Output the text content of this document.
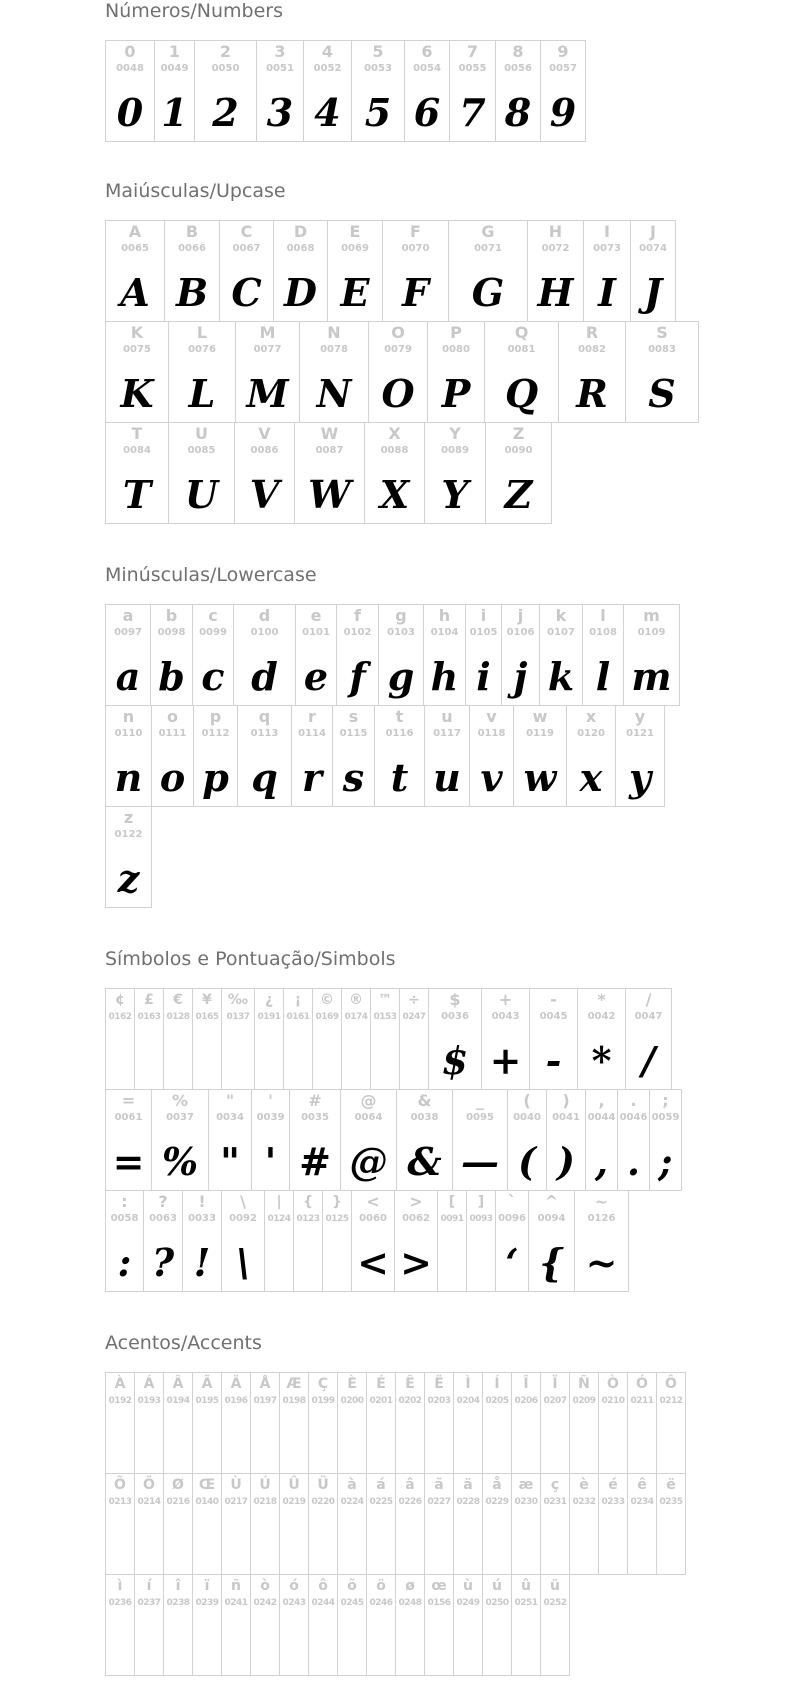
Números/Numbers
0
0048
0
1
0049
1
2
0050
2
3
0051
3
4
0052
4
5
0053
5
6
0054
6
7
0055
7
8
0056
8
9
0057
9
Maiúsculas/Upcase
A
0065
A
B
0066
B
C
0067
C
D
0068
D
E
0069
E
F
0070
F
G
0071
G
H
0072
H
I
0073
I
J
0074
J
K
0075
K
L
0076
L
M
0077
M
N
0078
N
O
0079
O
P
0080
P
Q
0081
Q
R
0082
R
S
0083
S
T
0084
T
U
0085
U
V
0086
V
W
0087
W
X
0088
X
Y
0089
Y
Z
0090
Z
Minúsculas/Lowercase
a
0097
a
b
0098
b
c
0099
c
d
0100
d
e
0101
e
f
0102
f
g
0103
g
h
0104
h
i
0105
i
j
0106
j
k
0107
k
l
0108
l
m
0109
m
n
0110
n
o
0111
o
p
0112
p
q
0113
q
r
0114
r
s
0115
s
t
0116
t
u
0117
u
v
0118
v
w
0119
w
x
0120
x
y
0121
y
z
0122
z
Símbolos e Pontuação/Simbols
¢
0162
£
0163
€
0128
¥
0165
‰
0137
¿
0191
¡
0161
©
0169
®
0174
™
0153
÷
0247
$
0036
$
+
0043
+
-
0045
-
*
0042
*
/
0047
/
=
0061
=
%
0037
%
"
0034
"
'
0039
'
#
0035
#
@
0064
@
&
0038
&
_
0095
—
(
0040
(
)
0041
)
,
0044
,
.
0046
.
;
0059
;
:
0058
:
?
0063
?
!
0033
!
\
0092
\
|
0124
{
0123
}
0125
<
0060
<
>
0062
>
[
0091
]
0093
`
0096
‘
^
0094
{
~
0126
~
Acentos/Accents
À
0192
Á
0193
Â
0194
Ã
0195
Ä
0196
Å
0197
Æ
0198
Ç
0199
È
0200
É
0201
Ê
0202
Ë
0203
Ì
0204
Í
0205
Î
0206
Ï
0207
Ñ
0209
Ò
0210
Ó
0211
Ô
0212
Õ
0213
Ö
0214
Ø
0216
Œ
0140
Ù
0217
Ú
0218
Û
0219
Ü
0220
à
0224
á
0225
â
0226
ã
0227
ä
0228
å
0229
æ
0230
ç
0231
è
0232
é
0233
ê
0234
ë
0235
ì
0236
í
0237
î
0238
ï
0239
ñ
0241
ò
0242
ó
0243
ô
0244
õ
0245
ö
0246
ø
0248
œ
0156
ù
0249
ú
0250
û
0251
ü
0252
